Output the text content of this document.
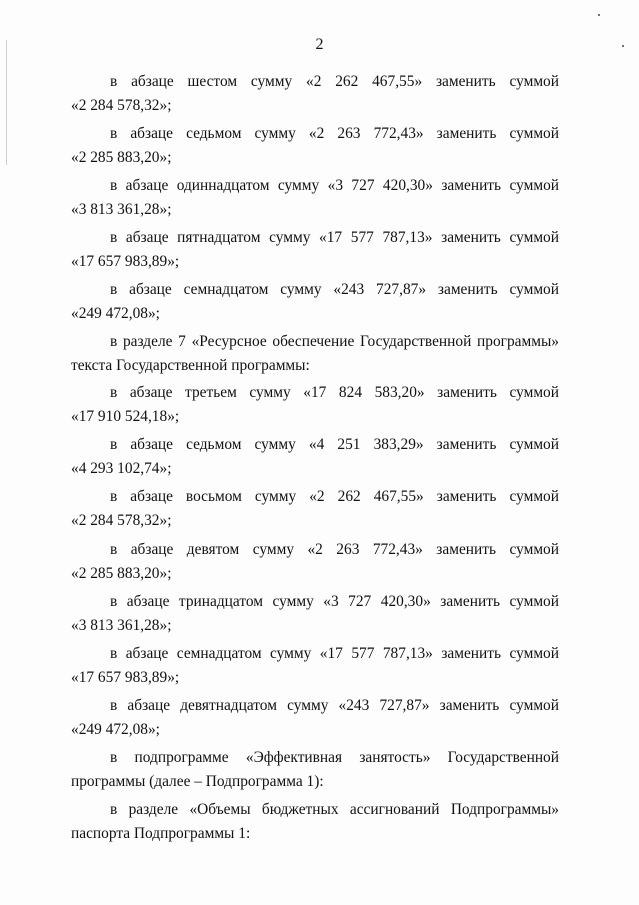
2
в абзаце шестом сумму «2 262 467,55» заменить суммой
«2 284 578,32»;
в абзаце седьмом сумму «2 263 772,43» заменить суммой
«2 285 883,20»;
в абзаце одиннадцатом сумму «3 727 420,30» заменить суммой
«3 813 361,28»;
в абзаце пятнадцатом сумму «17 577 787,13» заменить суммой
«17 657 983,89»;
в абзаце семнадцатом сумму «243 727,87» заменить суммой
«249 472,08»;
в разделе 7 «Ресурсное обеспечение Государственной программы»
текста Государственной программы:
в абзаце третьем сумму «17 824 583,20» заменить суммой
«17 910 524,18»;
в абзаце седьмом сумму «4 251 383,29» заменить суммой
«4 293 102,74»;
в абзаце восьмом сумму «2 262 467,55» заменить суммой
«2 284 578,32»;
в абзаце девятом сумму «2 263 772,43» заменить суммой
«2 285 883,20»;
в абзаце тринадцатом сумму «3 727 420,30» заменить суммой
«3 813 361,28»;
в абзаце семнадцатом сумму «17 577 787,13» заменить суммой
«17 657 983,89»;
в абзаце девятнадцатом сумму «243 727,87» заменить суммой
«249 472,08»;
в подпрограмме «Эффективная занятость» Государственной
программы (далее – Подпрограмма 1):
в разделе «Объемы бюджетных ассигнований Подпрограммы»
паспорта Подпрограммы 1:
